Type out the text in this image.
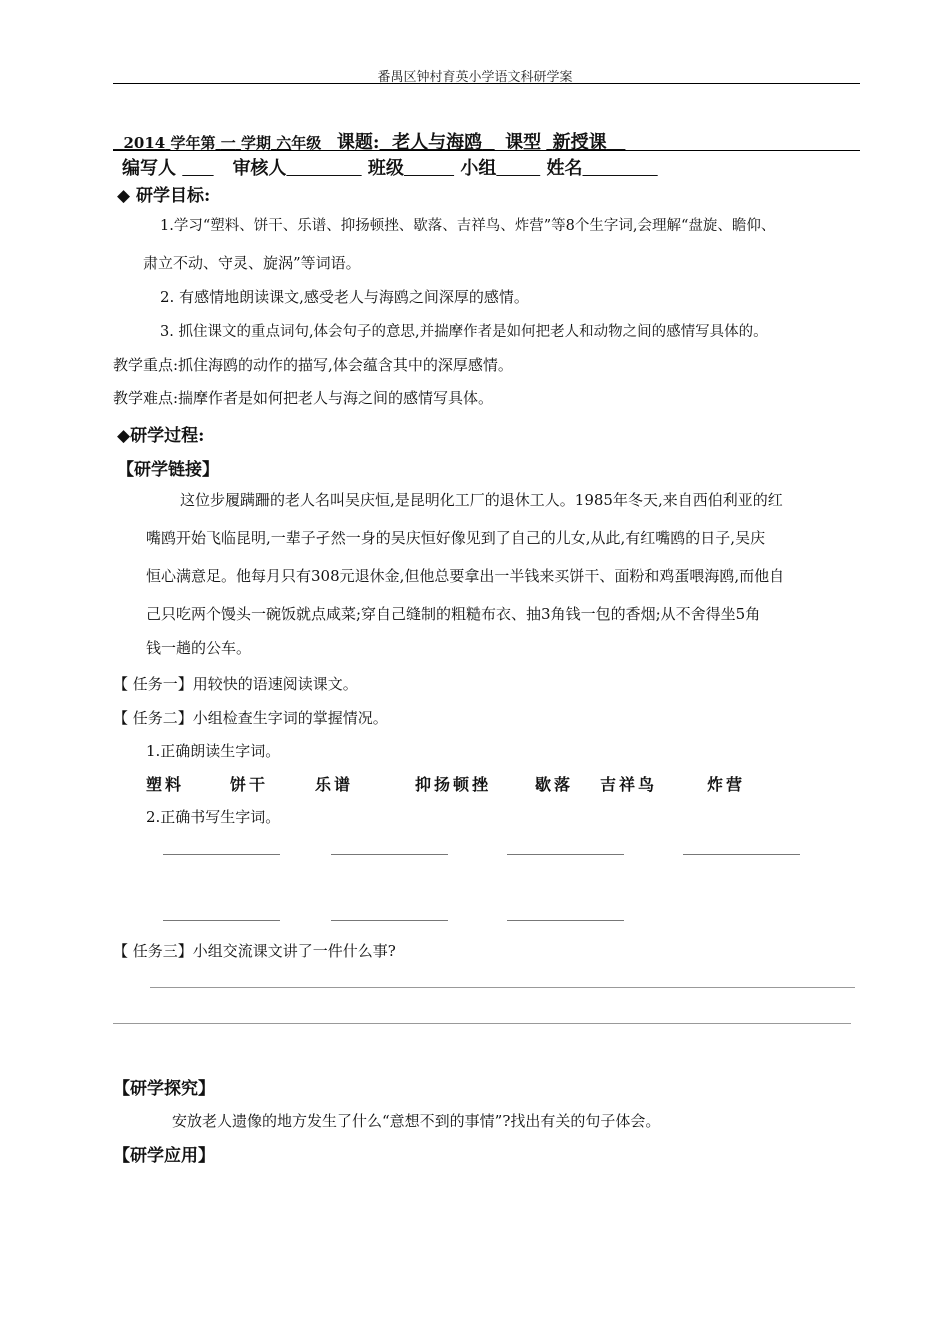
番禺区钟村育英小学语文科研学案
2014 学年第 一 学期 六年级 课题: 老人与海鸥 课型 新授课
编写人	审核人	班级	小组	姓名
◆ 研学目标:
1.学习“塑料、饼干、乐谱、抑扬顿挫、歇落、吉祥鸟、炸营”等8个生字词,会理解“盘旋、瞻仰、
肃立不动、守灵、旋涡”等词语。
2. 有感情地朗读课文,感受老人与海鸥之间深厚的感情。
3. 抓住课文的重点词句,体会句子的意思,并揣摩作者是如何把老人和动物之间的感情写具体的。
教学重点:抓住海鸥的动作的描写,体会蕴含其中的深厚感情。
教学难点:揣摩作者是如何把老人与海之间的感情写具体。
◆研学过程:
【研学链接】
这位步履蹒跚的老人名叫吴庆恒,是昆明化工厂的退休工人。1985年冬天,来自西伯利亚的红
嘴鸥开始飞临昆明,一辈子孑然一身的吴庆恒好像见到了自己的儿女,从此,有红嘴鸥的日子,吴庆
恒心满意足。他每月只有308元退休金,但他总要拿出一半钱来买饼干、面粉和鸡蛋喂海鸥,而他自
己只吃两个馒头一碗饭就点咸菜;穿自己缝制的粗糙布衣、抽3角钱一包的香烟;从不舍得坐5角
钱一趟的公车。
【 任务一】用较快的语速阅读课文。
【 任务二】小组检查生字词的掌握情况。
1.正确朗读生字词。
塑料	饼干	乐谱	抑扬顿挫	歇落 吉祥鸟	炸营
2.正确书写生字词。
【 任务三】小组交流课文讲了一件什么事?
【研学探究】
安放老人遗像的地方发生了什么“意想不到的事情”?找出有关的句子体会。
【研学应用】
